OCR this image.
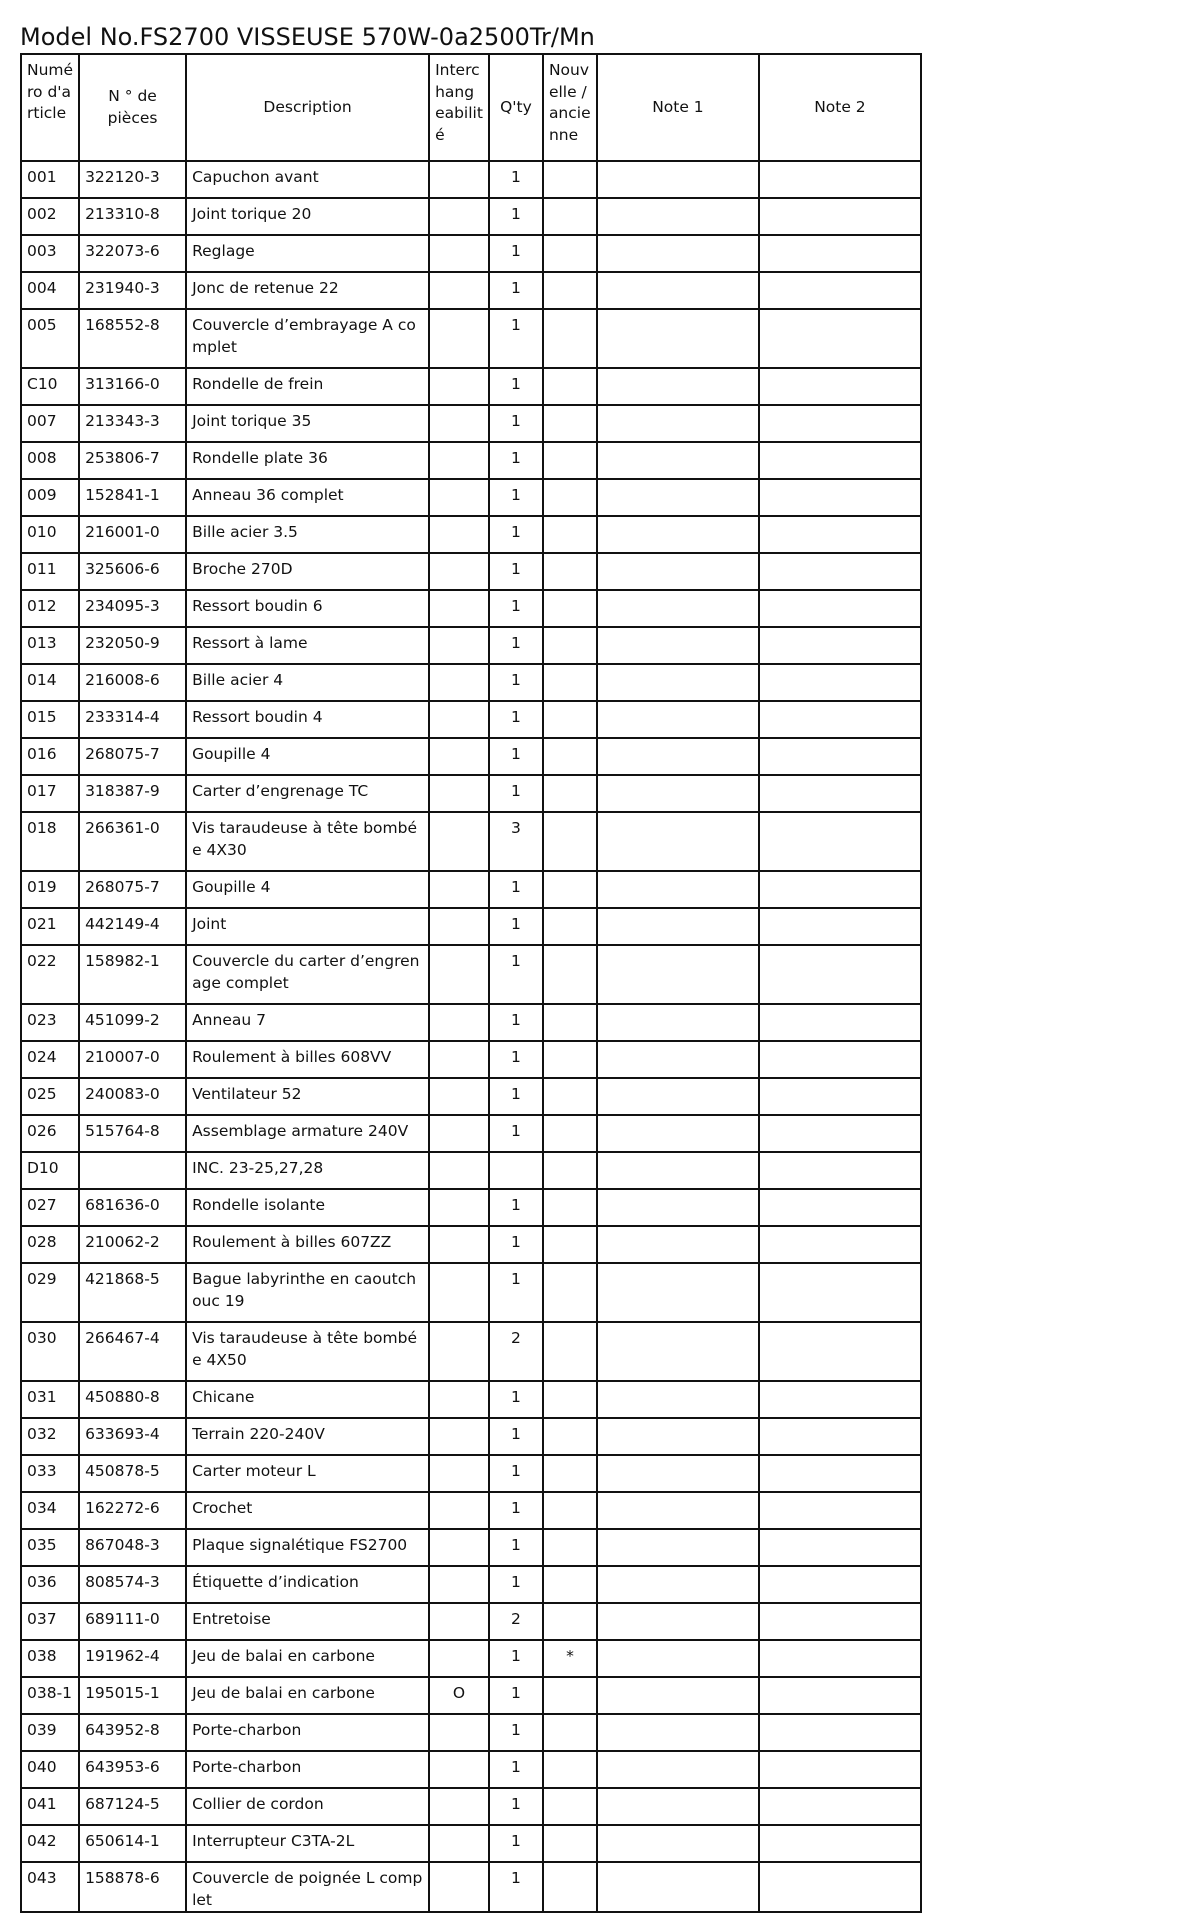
Model No.FS2700 VISSEUSE 570W-0a2500Tr/Mn
Numé ro d'a rticle	N ° de pièces	Description	Interc hang eabilit é	Q'ty	Nouv elle / ancie nne	Note 1	Note 2
001	322120-3	Capuchon avant		1			
002	213310-8	Joint torique 20		1			
003	322073-6	Reglage		1			
004	231940-3	Jonc de retenue 22		1			
005	168552-8	Couvercle d’embrayage A complet		1			
C10	313166-0	Rondelle de frein		1			
007	213343-3	Joint torique 35		1			
008	253806-7	Rondelle plate 36		1			
009	152841-1	Anneau 36 complet		1			
010	216001-0	Bille acier 3.5		1			
011	325606-6	Broche 270D		1			
012	234095-3	Ressort boudin 6		1			
013	232050-9	Ressort à lame		1			
014	216008-6	Bille acier 4		1			
015	233314-4	Ressort boudin 4		1			
016	268075-7	Goupille 4		1			
017	318387-9	Carter d’engrenage TC		1			
018	266361-0	Vis taraudeuse à tête bombée 4X30		3			
019	268075-7	Goupille 4		1			
021	442149-4	Joint		1			
022	158982-1	Couvercle du carter d’engrenage complet		1			
023	451099-2	Anneau 7		1			
024	210007-0	Roulement à billes 608VV		1			
025	240083-0	Ventilateur 52		1			
026	515764-8	Assemblage armature 240V		1			
D10		INC. 23-25,27,28					
027	681636-0	Rondelle isolante		1			
028	210062-2	Roulement à billes 607ZZ		1			
029	421868-5	Bague labyrinthe en caoutchouc 19		1			
030	266467-4	Vis taraudeuse à tête bombée 4X50		2			
031	450880-8	Chicane		1			
032	633693-4	Terrain 220-240V		1			
033	450878-5	Carter moteur L		1			
034	162272-6	Crochet		1			
035	867048-3	Plaque signalétique FS2700		1			
036	808574-3	Étiquette d’indication		1			
037	689111-0	Entretoise		2			
038	191962-4	Jeu de balai en carbone		1	*		
038-1	195015-1	Jeu de balai en carbone	O	1			
039	643952-8	Porte-charbon		1			
040	643953-6	Porte-charbon		1			
041	687124-5	Collier de cordon		1			
042	650614-1	Interrupteur C3TA-2L		1			
043	158878-6	Couvercle de poignée L complet		1			
